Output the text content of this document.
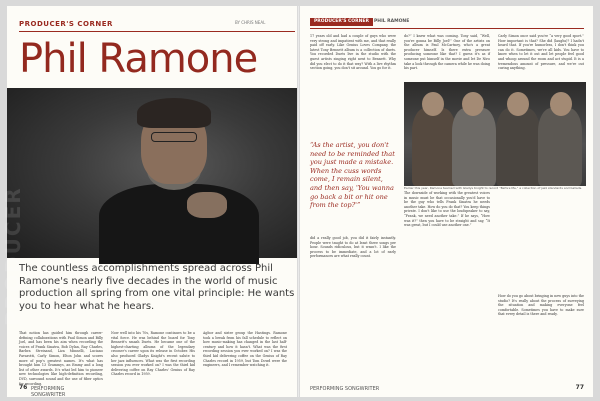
PRODUCER'S CORNER	BY CHRIS NEAL
PRODUCER
Phil Ramone
The countless accomplishments spread across Phil Ramone's nearly five decades in the world of music production all spring from one vital principle: He wants you to hear what he hears.
That notion has guided him through career-defining collaborations with Paul Simon and Billy Joel, and has been his aim when recording the voices of Frank Sinatra, Bob Dylan, Ray Charles, Barbra Streisand, Liza Minnelli, Luciano Pavarotti, Carly Simon, Elton John and scores more of pop's greatest names. It's what has brought him 13 Grammys, an Emmy and a long list of other awards. It's what led him to pioneer new technologies like high-definition recording, DVD, surround sound and the use of fiber optics for recording.
Now well into his 70s, Ramone continues to be a vital force. He was behind the board for Tony Bennett's smash Duets. He became one of the highest-charting albums of the legendary crooner's career upon its release in October. His also produced Gladys Knight's recent salute to her jazz influences. What was the first recording session you ever worked on? I was the third kid delivering coffee on Ray Charles' Genius of Ray Charles record in 1959.
Agbor and sister group the Hastings. Ramone took a break from his fall schedule to reflect on how music-making has changed in the last half-century and how it hasn't. What was the first recording session you ever worked on? I was the third kid delivering coffee on the Genius of Ray Charles record in 1959, but Tom Dowd were the engineers, and I remember watching it.
76 PERFORMING SONGWRITER
PRODUCER'S CORNER	PHIL RAMONE
17 years old and had a couple of guys who were very strong and impatient with me, and that really paid off early. Like Genius Loves Company, the latest Tony Bennett album is a collection of duets. You recorded Duets live in the studio with the guest artists singing right next to Bennett. Why did you elect to do it that way? With a live rhythm section going, you don't sit around. You go for it.
“As the artist, you don't need to be reminded that you just made a mistake. When the cuss words come, I remain silent, and then say, 'You wanna go back a bit or hit one from the top?'”
did a really good job, you did it fairly instantly. People were taught to do at least three songs per hour. Sounds ridiculous, but it wasn't. I like the process to be immediate, and a lot of early performances are what really count.
do?” I knew what was coming. Tony said, “Well, you're gonna be Billy Joel!” One of the artists on the album is Paul McCartney, who's a great producer himself. Is there extra pressure producing someone like that? I guess it's as if someone put himself in the movie and let De Niro take a look through the camera while he was doing his part.
Carly Simon once said you're “a very good sport.” How important is that? She did (laughs)? I hadn't heard that. If you're humorless, I don't think you can do it. Sometimes, we're all kids. You have to know when to let it out and let people feel good and whoop around the room and act stupid. It is a tremendous amount of pressure, and we're out curing anything.
Earlier this year, Ramone teamed with Gladys Knight to record “Before Me,” a collection of jazz standards and ballads.
The downside of working with the greatest voices in music must be that occasionally you'd have to be the guy who tells Frank Sinatra he needs another take. How do you do that? You keep things private. I don't like to use the loudspeaker to say, “Frank, we need another take.” If he says, “How was it?” then you have to be straight and say, “It was great, but I could use another one.”
How do you go about bringing in new guys into the studio? It's really about the process of surveying the situation and making everyone feel comfortable. Sometimes you have to make sure that every detail is there and ready.
PERFORMING SONGWRITER	77
